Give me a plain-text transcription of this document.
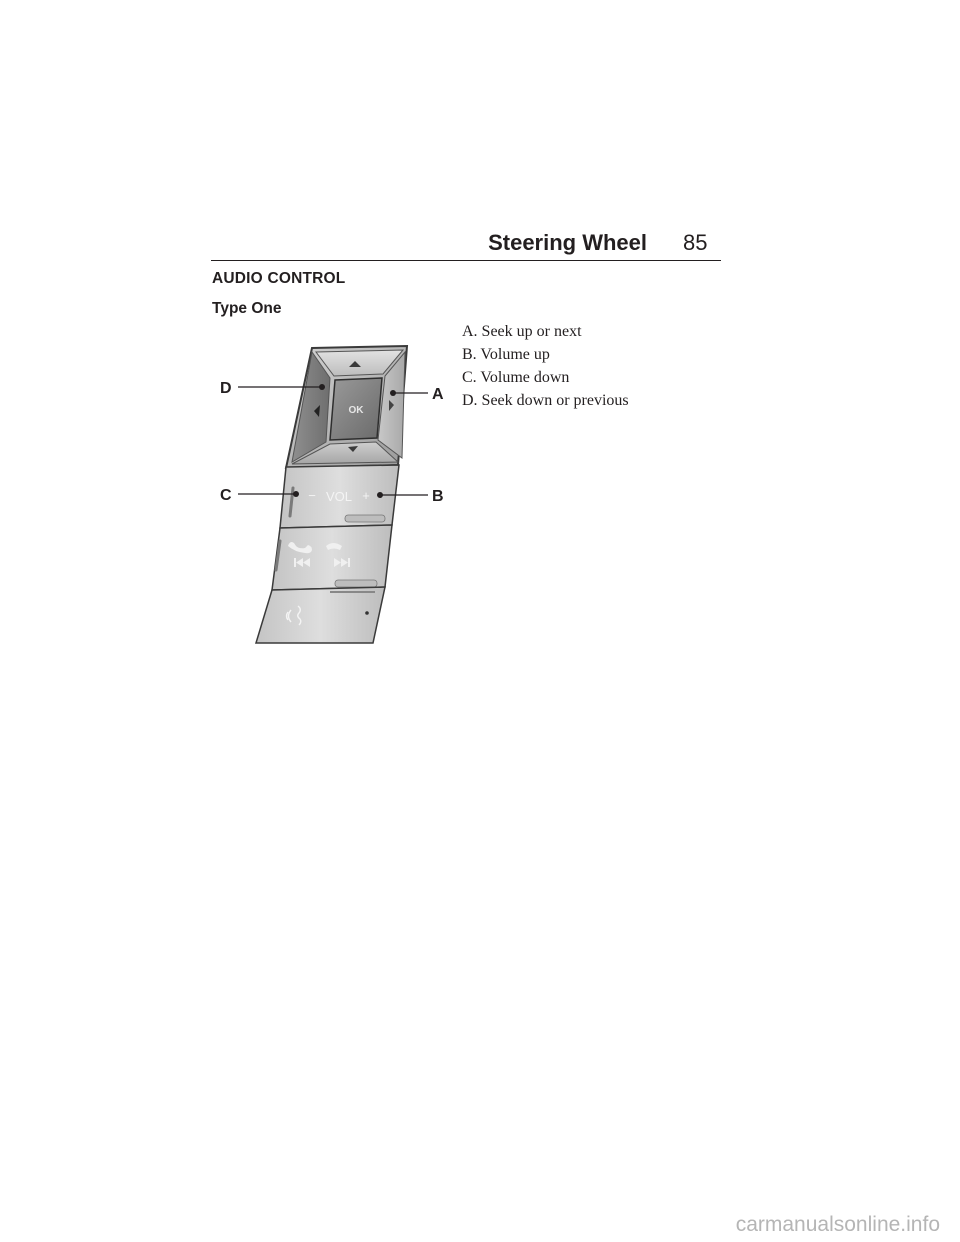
Steering Wheel 85
AUDIO CONTROL
Type One
A. Seek up or next
B. Volume up
C. Volume down
D. Seek down or previous
OK
− VOL +
D	A
C	B
carmanualsonline.info
